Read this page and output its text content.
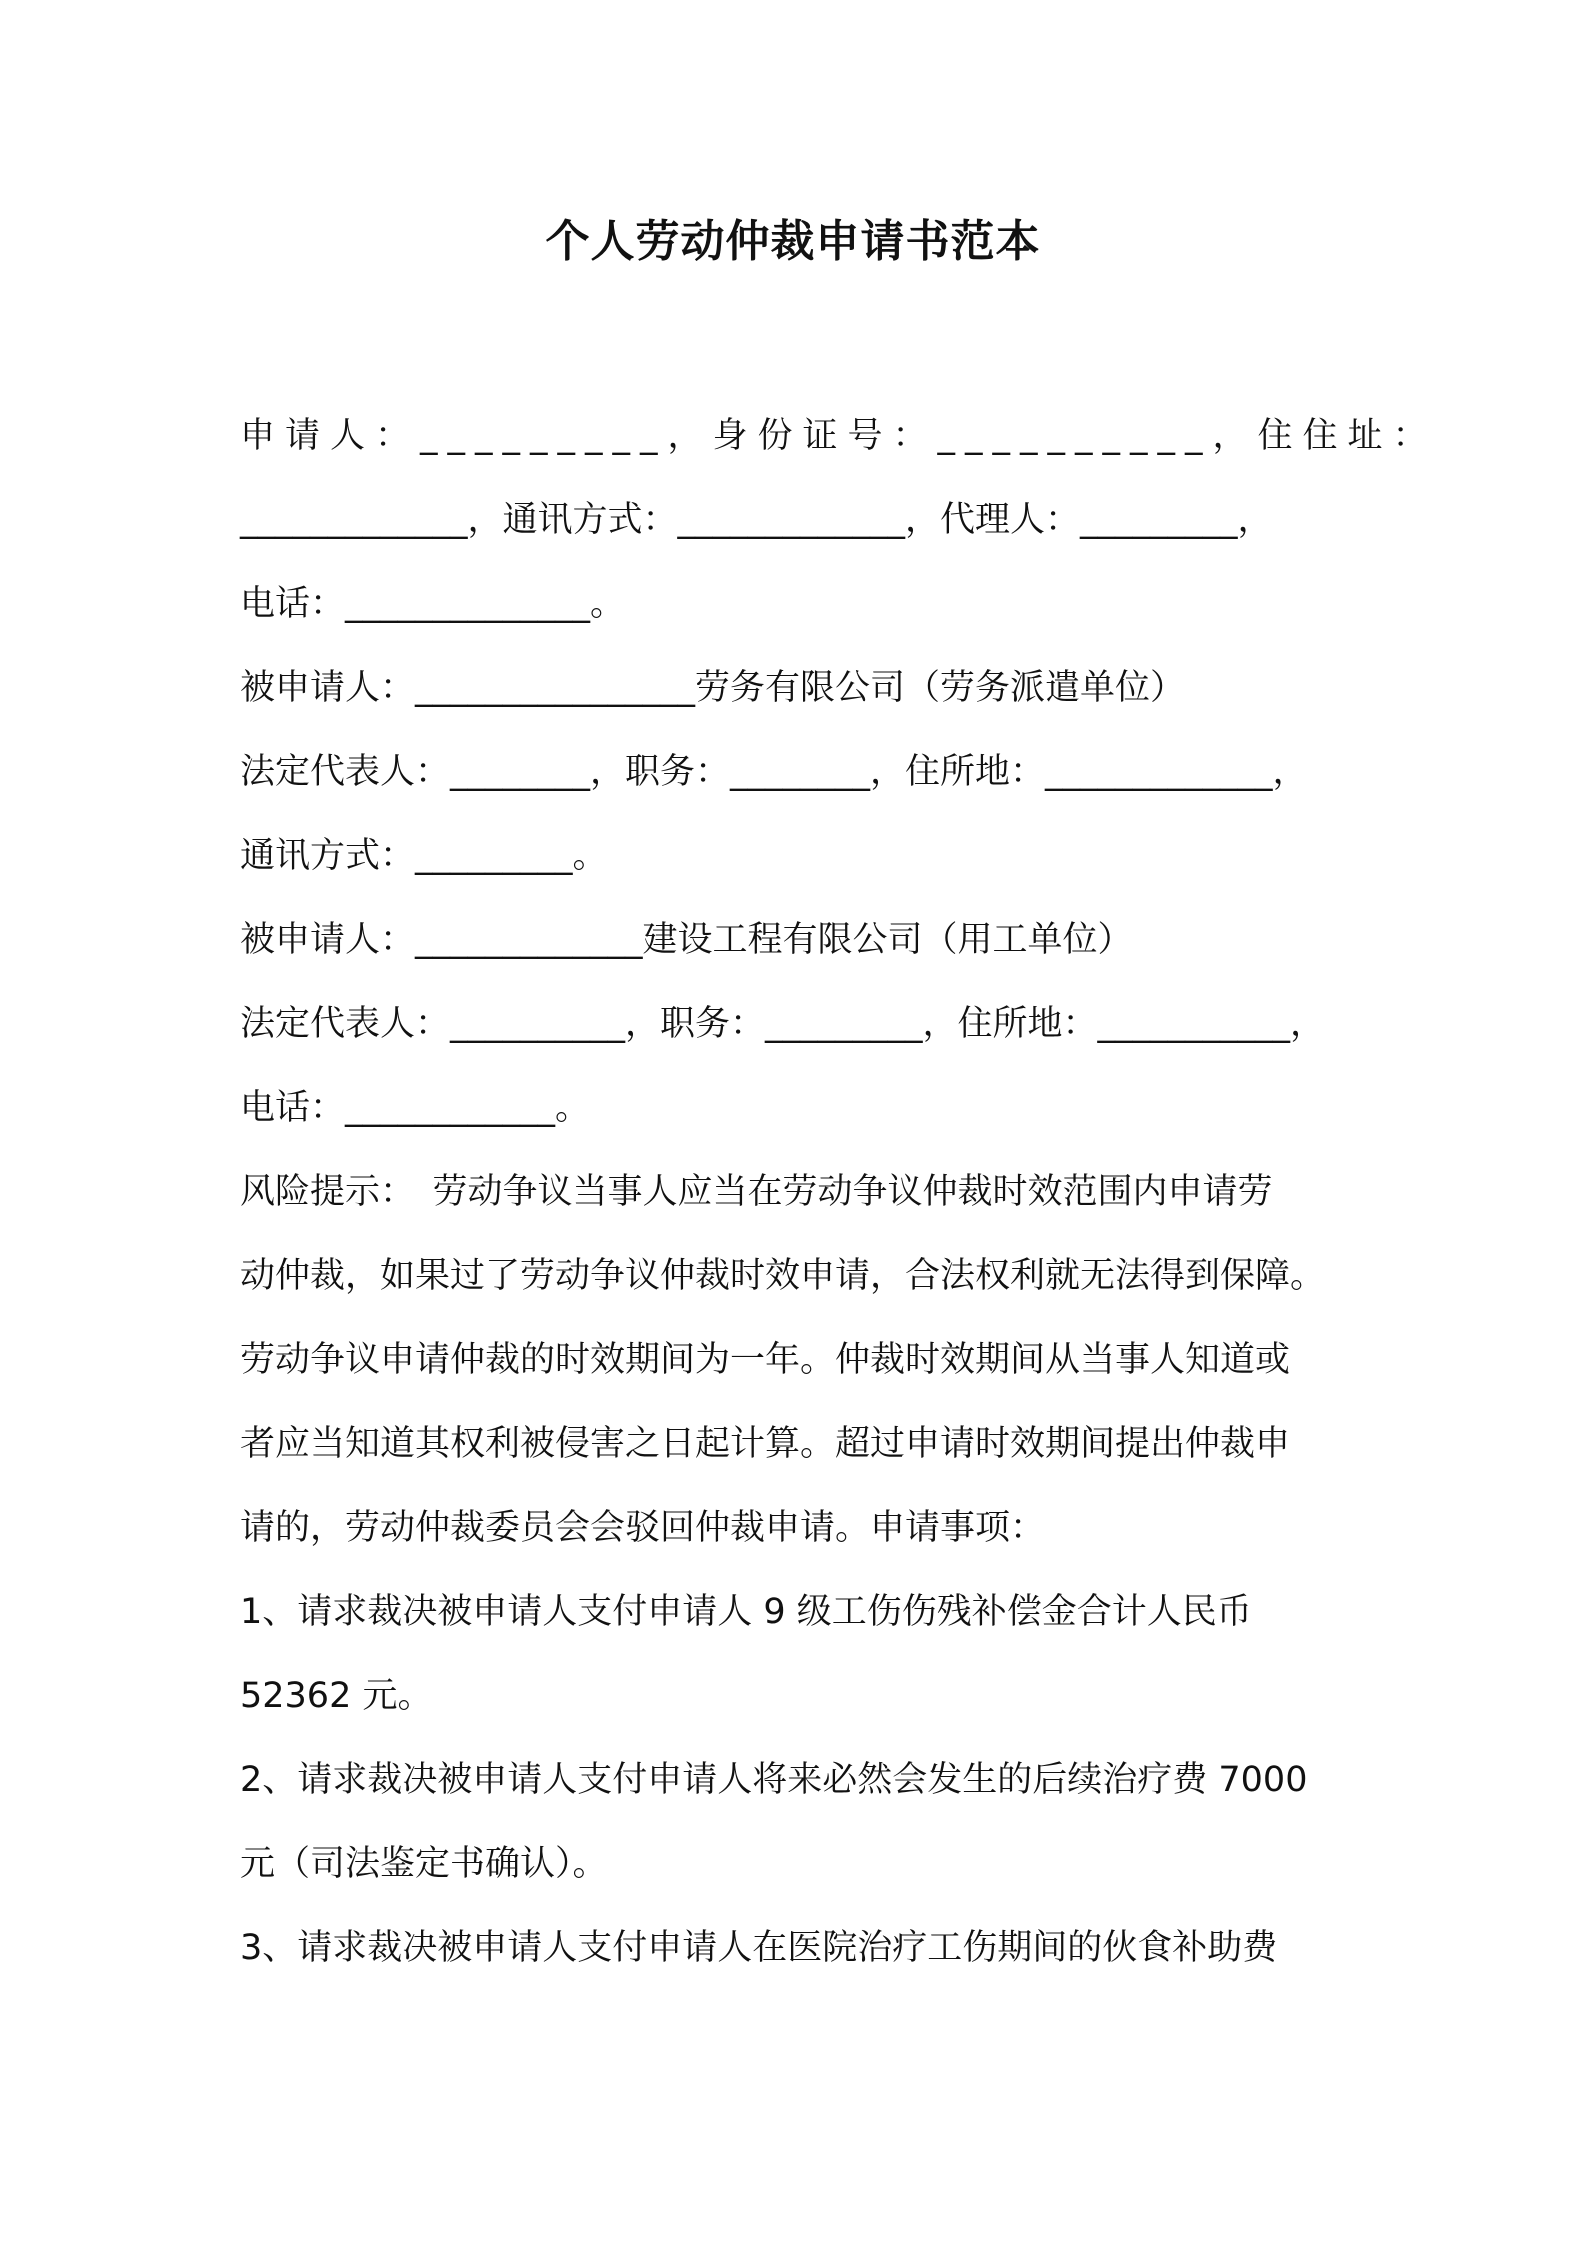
个人劳动仲裁申请书范本

申请人：_________，身份证号：__________，住住址：

_____________，通讯方式：_____________，代理人：_________，

电话：______________。

被申请人：________________劳务有限公司（劳务派遣单位）

法定代表人：________，职务：________，住所地：_____________，

通讯方式：_________。

被申请人：_____________建设工程有限公司（用工单位）

法定代表人：__________，职务：_________，住所地：___________，

电话：____________。

风险提示：　劳动争议当事人应当在劳动争议仲裁时效范围内申请劳

动仲裁，如果过了劳动争议仲裁时效申请，合法权利就无法得到保障。

劳动争议申请仲裁的时效期间为一年。仲裁时效期间从当事人知道或

者应当知道其权利被侵害之日起计算。超过申请时效期间提出仲裁申

请的，劳动仲裁委员会会驳回仲裁申请。申请事项：

1、请求裁决被申请人支付申请人 9 级工伤伤残补偿金合计人民币

52362 元。

2、请求裁决被申请人支付申请人将来必然会发生的后续治疗费 7000

元（司法鉴定书确认）。

3、请求裁决被申请人支付申请人在医院治疗工伤期间的伙食补助费
